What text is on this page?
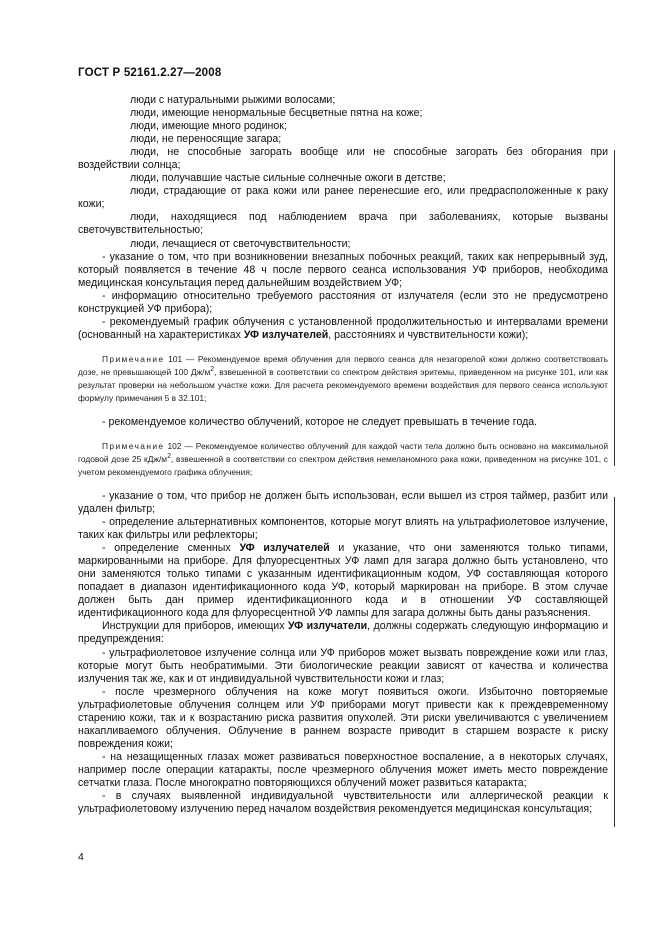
ГОСТ Р 52161.2.27—2008

люди с натуральными рыжими волосами;

люди, имеющие ненормальные бесцветные пятна на коже;

люди, имеющие много родинок;

люди, не переносящие загара;

люди, не способные загорать вообще или не способные загорать без обгорания при воздействии солнца;

люди, получавшие частые сильные солнечные ожоги в детстве;

люди, страдающие от рака кожи или ранее перенесшие его, или предрасположенные к раку кожи;

люди, находящиеся под наблюдением врача при заболеваниях, которые вызваны светочувствительностью;

люди, лечащиеся от светочувствительности;

- указание о том, что при возникновении внезапных побочных реакций, таких как непрерывный зуд, который появляется в течение 48 ч после первого сеанса использования УФ приборов, необходима медицинская консультация перед дальнейшим воздействием УФ;

- информацию относительно требуемого расстояния от излучателя (если это не предусмотрено конструкцией УФ прибора);

- рекомендуемый график облучения с установленной продолжительностью и интервалами времени (основанный на характеристиках УФ излучателей, расстояниях и чувствительности кожи);

Примечание 101 — Рекомендуемое время облучения для первого сеанса для незагорелой кожи должно соответствовать дозе, не превышающей 100 $Дж/м^2$, взвешенной в соответствии со спектром действия эритемы, приведенном на рисунке 101, или как результат проверки на небольшом участке кожи. Для расчета рекомендуемого времени воздействия для первого сеанса используют формулу примечания 5 в 32.101;

- рекомендуемое количество облучений, которое не следует превышать в течение года.

Примечание 102 — Рекомендуемое количество облучений для каждой части тела должно быть основано на максимальной годовой дозе 25 кДж/$м^2$, взвешенной в соответствии со спектром действия немеланомного рака кожи, приведенном на рисунке 101, с учетом рекомендуемого графика облучения;

- указание о том, что прибор не должен быть использован, если вышел из строя таймер, разбит или удален фильтр;

- определение альтернативных компонентов, которые могут влиять на ультрафиолетовое излучение, таких как фильтры или рефлекторы;

- определение сменных УФ излучателей и указание, что они заменяются только типами, маркированными на приборе. Для флуоресцентных УФ ламп для загара должно быть установлено, что они заменяются только типами с указанным идентификационным кодом, УФ составляющая которого попадает в диапазон идентификационного кода УФ, который маркирован на приборе. В этом случае должен быть дан пример идентификационного кода и в отношении УФ составляющей идентификационного кода для флуоресцентной УФ лампы для загара должны быть даны разъяснения.

Инструкции для приборов, имеющих УФ излучатели, должны содержать следующую информацию и предупреждения:

- ультрафиолетовое излучение солнца или УФ приборов может вызвать повреждение кожи или глаз, которые могут быть необратимыми. Эти биологические реакции зависят от качества и количества излучения так же, как и от индивидуальной чувствительности кожи и глаз;

- после чрезмерного облучения на коже могут появиться ожоги. Избыточно повторяемые ультрафиолетовые облучения солнцем или УФ приборами могут привести как к преждевременному старению кожи, так и к возрастанию риска развития опухолей. Эти риски увеличиваются с увеличением накапливаемого облучения. Облучение в раннем возрасте приводит в старшем возрасте к риску повреждения кожи;

- на незащищенных глазах может развиваться поверхностное воспаление, а в некоторых случаях, например после операции катаракты, после чрезмерного облучения может иметь место повреждение сетчатки глаза. После многократно повторяющихся облучений может развиться катаракта;

- в случаях выявленной индивидуальной чувствительности или аллергической реакции к ультрафиолетовому излучению перед началом воздействия рекомендуется медицинская консультация;

4
